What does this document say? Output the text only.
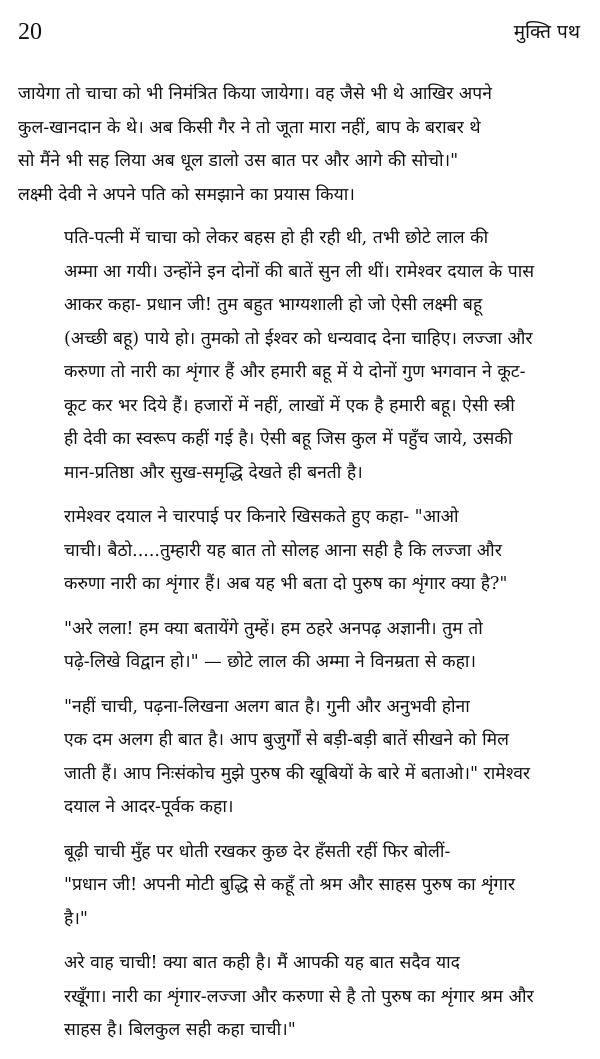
20	मुक्ति पथ

जायेगा तो चाचा को भी निमंत्रित किया जायेगा। वह जैसे भी थे आखिर अपने
कुल-खानदान के थे। अब किसी गैर ने तो जूता मारा नहीं, बाप के बराबर थे
सो मैंने भी सह लिया अब धूल डालो उस बात पर और आगे की सोचो।"
लक्ष्मी देवी ने अपने पति को समझाने का प्रयास किया।

पति-पत्नी में चाचा को लेकर बहस हो ही रही थी, तभी छोटे लाल की
अम्मा आ गयी। उन्होंने इन दोनों की बातें सुन ली थीं। रामेश्वर दयाल के पास
आकर कहा- प्रधान जी! तुम बहुत भाग्यशाली हो जो ऐसी लक्ष्मी बहू
(अच्छी बहू) पाये हो। तुमको तो ईश्वर को धन्यवाद देना चाहिए। लज्जा और
करुणा तो नारी का शृंगार हैं और हमारी बहू में ये दोनों गुण भगवान ने कूट-
कूट कर भर दिये हैं। हजारों में नहीं, लाखों में एक है हमारी बहू। ऐसी स्त्री
ही देवी का स्वरूप कहीं गई है। ऐसी बहू जिस कुल में पहुँच जाये, उसकी
मान-प्रतिष्ठा और सुख-समृद्धि देखते ही बनती है।

रामेश्वर दयाल ने चारपाई पर किनारे खिसकते हुए कहा- "आओ
चाची। बैठो.....तुम्हारी यह बात तो सोलह आना सही है कि लज्जा और
करुणा नारी का शृंगार हैं। अब यह भी बता दो पुरुष का शृंगार क्या है?"

"अरे लला! हम क्या बतायेंगे तुम्हें। हम ठहरे अनपढ़ अज्ञानी। तुम तो
पढ़े-लिखे विद्वान हो।" — छोटे लाल की अम्मा ने विनम्रता से कहा।

"नहीं चाची, पढ़ना-लिखना अलग बात है। गुनी और अनुभवी होना
एक दम अलग ही बात है। आप बुजुर्गों से बड़ी-बड़ी बातें सीखने को मिल
जाती हैं। आप निःसंकोच मुझे पुरुष की खूबियों के बारे में बताओ।" रामेश्वर
दयाल ने आदर-पूर्वक कहा।

बूढ़ी चाची मुँह पर धोती रखकर कुछ देर हँसती रहीं फिर बोलीं-
"प्रधान जी! अपनी मोटी बुद्धि से कहूँ तो श्रम और साहस पुरुष का शृंगार
है।"

अरे वाह चाची! क्या बात कही है। मैं आपकी यह बात सदैव याद
रखूँगा। नारी का शृंगार-लज्जा और करुणा से है तो पुरुष का शृंगार श्रम और
साहस है। बिलकुल सही कहा चाची।"
